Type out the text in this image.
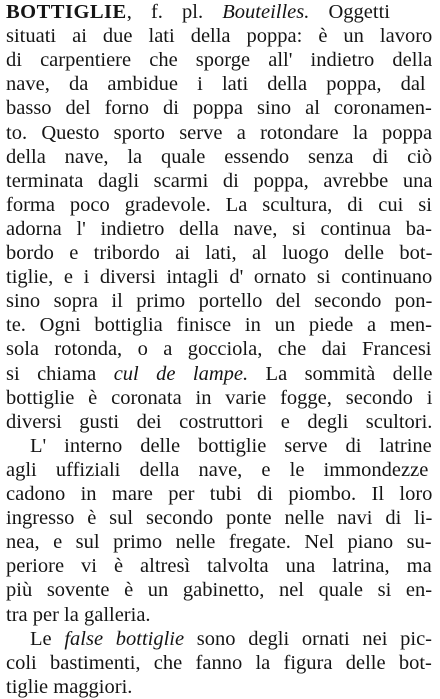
BOTTIGLIE, f. pl. Bouteilles. Oggetti
situati ai due lati della poppa: è un lavoro
di carpentiere che sporge all' indietro della
nave, da ambidue i lati della poppa, dal
basso del forno di poppa sino al coronamen-
to. Questo sporto serve a rotondare la poppa
della nave, la quale essendo senza di ciò
terminata dagli scarmi di poppa, avrebbe una
forma poco gradevole. La scultura, di cui si
adorna l' indietro della nave, si continua ba-
bordo e tribordo ai lati, al luogo delle bot-
tiglie, e i diversi intagli d' ornato si continuano
sino sopra il primo portello del secondo pon-
te. Ogni bottiglia finisce in un piede a men-
sola rotonda, o a gocciola, che dai Francesi
si chiama cul de lampe. La sommità delle
bottiglie è coronata in varie fogge, secondo i
diversi gusti dei costruttori e degli scultori.
L' interno delle bottiglie serve di latrine
agli uffiziali della nave, e le immondezze
cadono in mare per tubi di piombo. Il loro
ingresso è sul secondo ponte nelle navi di li-
nea, e sul primo nelle fregate. Nel piano su-
periore vi è altresì talvolta una latrina, ma
più sovente è un gabinetto, nel quale si en-
tra per la galleria.
Le false bottiglie sono degli ornati nei pic-
coli bastimenti, che fanno la figura delle bot-
tiglie maggiori.
